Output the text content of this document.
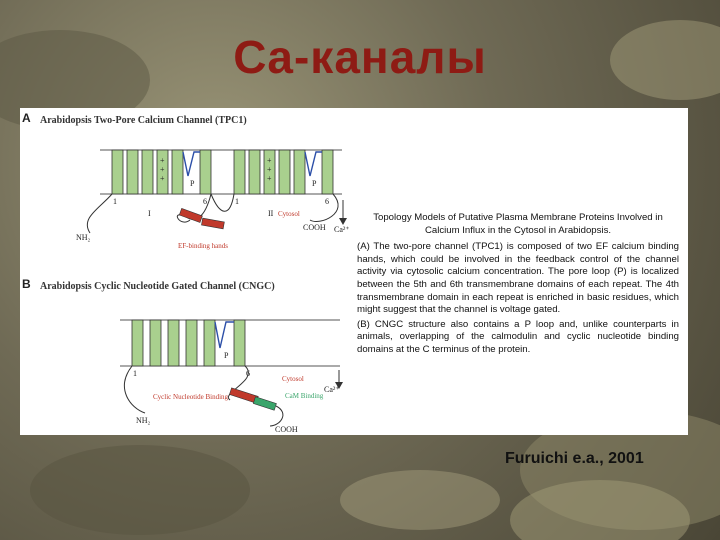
Ca-каналы
A Arabidopsis Two-Pore Calcium Channel (TPC1)
+
+
+
P
1	6
I
+
+
+
P
1	6
II
NH₂
EF-binding hands
Cytosol
COOH Ca²⁺
B Arabidopsis Cyclic Nucleotide Gated Channel (CNGC)
P
1	6
NH₂
Cyclic Nucleotide Binding	CaM Binding
Cytosol
COOH
Ca²⁺
Topology Models of Putative Plasma Membrane Proteins Involved in Calcium Influx in the Cytosol in Arabidopsis.

(A) The two-pore channel (TPC1) is composed of two EF calcium binding hands, which could be involved in the feedback control of the channel activity via cytosolic calcium concentration. The pore loop (P) is localized between the 5th and 6th transmembrane domains of each repeat. The 4th transmembrane domain in each repeat is enriched in basic residues, which might suggest that the channel is voltage gated.

(B) CNGC structure also contains a P loop and, unlike counterparts in animals, overlapping of the calmodulin and cyclic nucleotide binding domains at the C terminus of the protein.

Furuichi e.a., 2001
